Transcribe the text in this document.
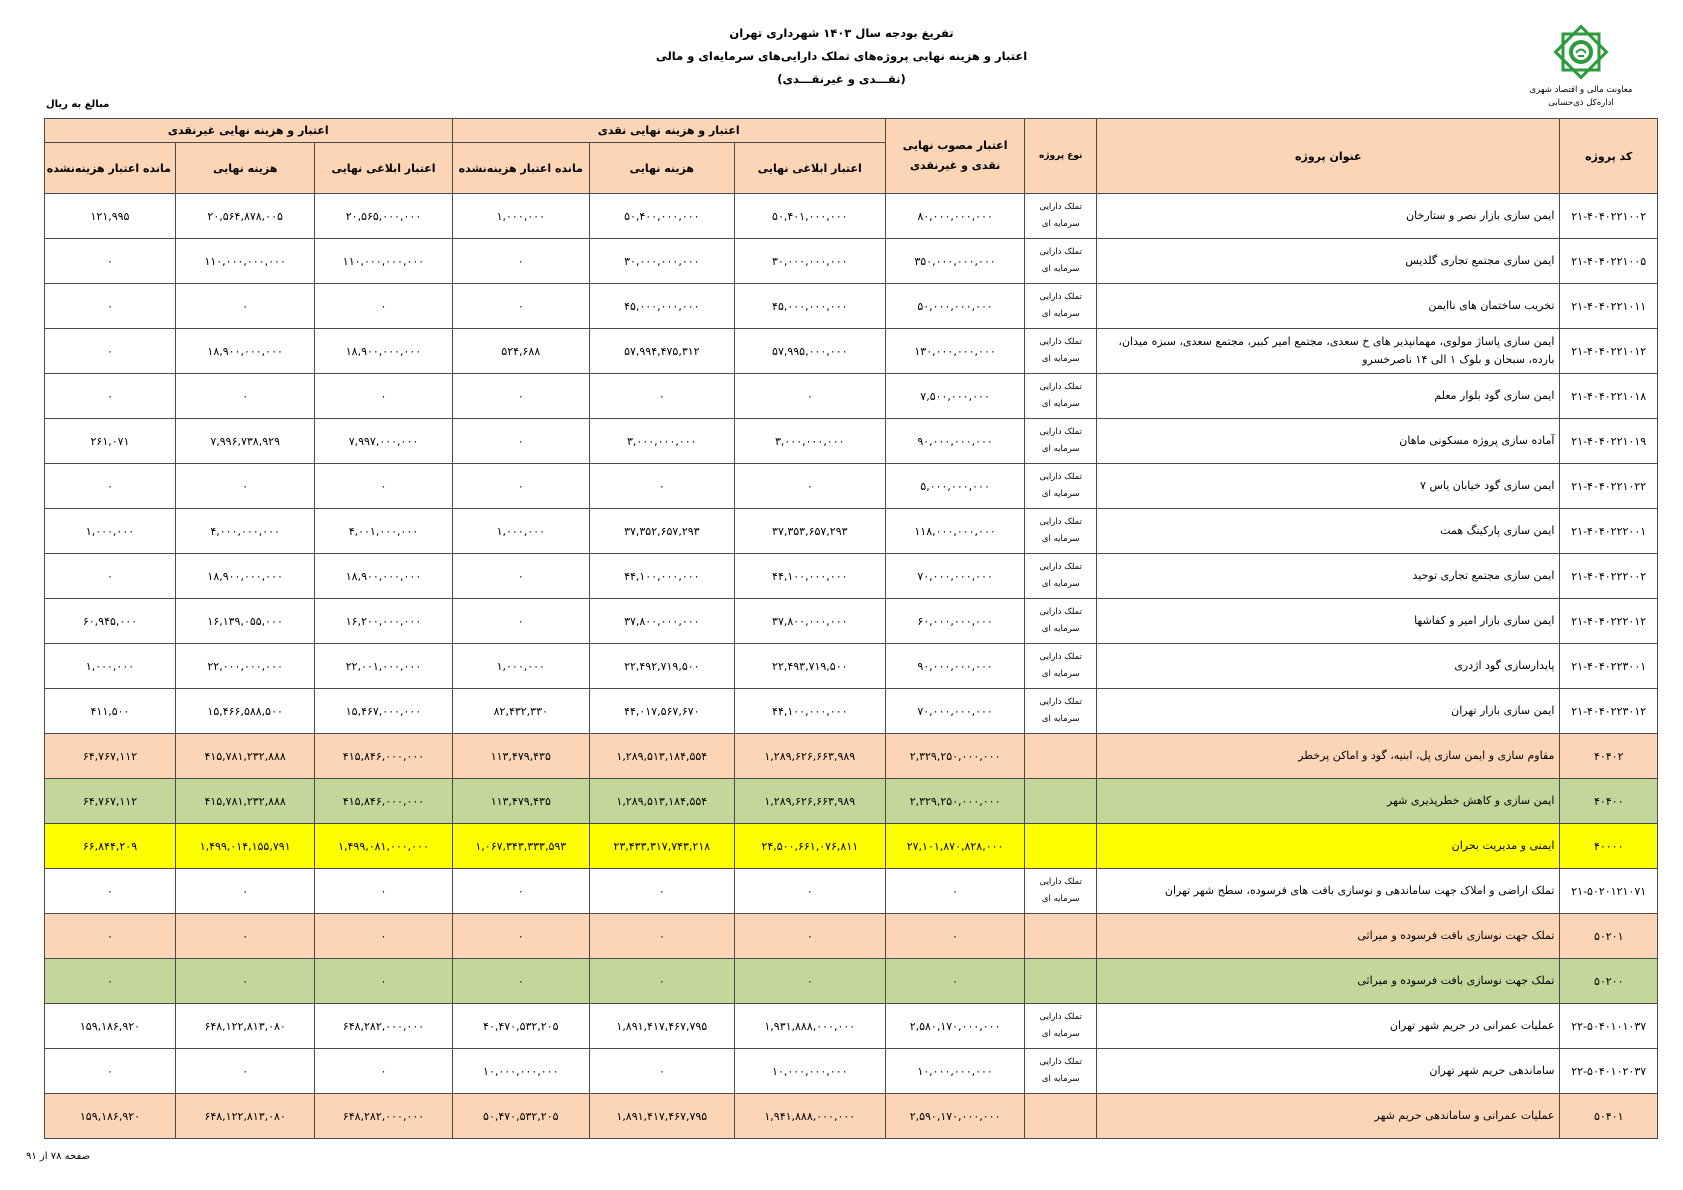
تفریغ بودجه سال ۱۴۰۳ شهرداری تهران
اعتبار و هزینه نهایی پروژه‌های تملک دارایی‌های سرمایه‌ای و مالی
(نقـــدی و غیرنقـــدی)
معاونت مالی و اقتصاد شهری
اداره‌کل ذی‌حسابی
مبالغ به ریال
کد پروژه	عنوان پروژه	نوع پروژه	اعتبار مصوب نهایی نقدی و غیرنقدی	اعتبار و هزینه نهایی نقدی			اعتبار و هزینه نهایی غیرنقدی		
				اعتبار ابلاغی نهایی	هزینه نهایی	مانده اعتبار هزینه‌نشده	اعتبار ابلاغی نهایی	هزینه نهایی	مانده اعتبار هزینه‌نشده
۲۱-۴۰۴۰۲۲۱۰۰۲	ایمن سازی بازار نصر و ستارخان	تملک دارایی سرمایه ای	۸۰,۰۰۰,۰۰۰,۰۰۰	۵۰,۴۰۱,۰۰۰,۰۰۰	۵۰,۴۰۰,۰۰۰,۰۰۰	۱,۰۰۰,۰۰۰	۲۰,۵۶۵,۰۰۰,۰۰۰	۲۰,۵۶۴,۸۷۸,۰۰۵	۱۲۱,۹۹۵
۲۱-۴۰۴۰۲۲۱۰۰۵	ایمن سازی مجتمع تجاری گلدیس	تملک دارایی سرمایه ای	۳۵۰,۰۰۰,۰۰۰,۰۰۰	۳۰,۰۰۰,۰۰۰,۰۰۰	۳۰,۰۰۰,۰۰۰,۰۰۰	۰	۱۱۰,۰۰۰,۰۰۰,۰۰۰	۱۱۰,۰۰۰,۰۰۰,۰۰۰	۰
۲۱-۴۰۴۰۲۲۱۰۱۱	تخریب ساختمان های ناایمن	تملک دارایی سرمایه ای	۵۰,۰۰۰,۰۰۰,۰۰۰	۴۵,۰۰۰,۰۰۰,۰۰۰	۴۵,۰۰۰,۰۰۰,۰۰۰	۰	۰	۰	۰
۲۱-۴۰۴۰۲۲۱۰۱۲	ایمن سازی پاساژ مولوی، مهمانپذیر های خ سعدی، مجتمع امیر کبیر، مجتمع سعدی، سبزه میدان، بارده، سبحان و بلوک ۱ الی ۱۴ ناصرخسرو	تملک دارایی سرمایه ای	۱۳۰,۰۰۰,۰۰۰,۰۰۰	۵۷,۹۹۵,۰۰۰,۰۰۰	۵۷,۹۹۴,۴۷۵,۳۱۲	۵۲۴,۶۸۸	۱۸,۹۰۰,۰۰۰,۰۰۰	۱۸,۹۰۰,۰۰۰,۰۰۰	۰
۲۱-۴۰۴۰۲۲۱۰۱۸	ایمن سازی گود بلوار معلم	تملک دارایی سرمایه ای	۷,۵۰۰,۰۰۰,۰۰۰	۰	۰	۰	۰	۰	۰
۲۱-۴۰۴۰۲۲۱۰۱۹	آماده سازی پروژه مسکونی ماهان	تملک دارایی سرمایه ای	۹۰,۰۰۰,۰۰۰,۰۰۰	۳,۰۰۰,۰۰۰,۰۰۰	۳,۰۰۰,۰۰۰,۰۰۰	۰	۷,۹۹۷,۰۰۰,۰۰۰	۷,۹۹۶,۷۳۸,۹۲۹	۲۶۱,۰۷۱
۲۱-۴۰۴۰۲۲۱۰۲۲	ایمن سازی گود خیابان یاس ۷	تملک دارایی سرمایه ای	۵,۰۰۰,۰۰۰,۰۰۰	۰	۰	۰	۰	۰	۰
۲۱-۴۰۴۰۲۲۲۰۰۱	ایمن سازی پارکینگ همت	تملک دارایی سرمایه ای	۱۱۸,۰۰۰,۰۰۰,۰۰۰	۳۷,۳۵۳,۶۵۷,۲۹۳	۳۷,۳۵۲,۶۵۷,۲۹۳	۱,۰۰۰,۰۰۰	۴,۰۰۱,۰۰۰,۰۰۰	۴,۰۰۰,۰۰۰,۰۰۰	۱,۰۰۰,۰۰۰
۲۱-۴۰۴۰۲۲۲۰۰۲	ایمن سازی مجتمع تجاری توحید	تملک دارایی سرمایه ای	۷۰,۰۰۰,۰۰۰,۰۰۰	۴۴,۱۰۰,۰۰۰,۰۰۰	۴۴,۱۰۰,۰۰۰,۰۰۰	۰	۱۸,۹۰۰,۰۰۰,۰۰۰	۱۸,۹۰۰,۰۰۰,۰۰۰	۰
۲۱-۴۰۴۰۲۲۲۰۱۲	ایمن سازی بازار امیر و کفاشها	تملک دارایی سرمایه ای	۶۰,۰۰۰,۰۰۰,۰۰۰	۳۷,۸۰۰,۰۰۰,۰۰۰	۳۷,۸۰۰,۰۰۰,۰۰۰	۰	۱۶,۲۰۰,۰۰۰,۰۰۰	۱۶,۱۳۹,۰۵۵,۰۰۰	۶۰,۹۴۵,۰۰۰
۲۱-۴۰۴۰۲۲۳۰۰۱	پایدارسازی گود اژدری	تملک دارایی سرمایه ای	۹۰,۰۰۰,۰۰۰,۰۰۰	۲۲,۴۹۳,۷۱۹,۵۰۰	۲۲,۴۹۲,۷۱۹,۵۰۰	۱,۰۰۰,۰۰۰	۲۲,۰۰۱,۰۰۰,۰۰۰	۲۲,۰۰۰,۰۰۰,۰۰۰	۱,۰۰۰,۰۰۰
۲۱-۴۰۴۰۲۲۳۰۱۲	ایمن سازی بازار تهران	تملک دارایی سرمایه ای	۷۰,۰۰۰,۰۰۰,۰۰۰	۴۴,۱۰۰,۰۰۰,۰۰۰	۴۴,۰۱۷,۵۶۷,۶۷۰	۸۲,۴۳۲,۳۳۰	۱۵,۴۶۷,۰۰۰,۰۰۰	۱۵,۴۶۶,۵۸۸,۵۰۰	۴۱۱,۵۰۰
۴۰۴۰۲	مقاوم سازی و ایمن سازی پل، ابنیه، گود و اماکن پرخطر		۲,۳۲۹,۲۵۰,۰۰۰,۰۰۰	۱,۲۸۹,۶۲۶,۶۶۳,۹۸۹	۱,۲۸۹,۵۱۳,۱۸۴,۵۵۴	۱۱۳,۴۷۹,۴۳۵	۴۱۵,۸۴۶,۰۰۰,۰۰۰	۴۱۵,۷۸۱,۲۳۲,۸۸۸	۶۴,۷۶۷,۱۱۲
۴۰۴۰۰	ایمن سازی و کاهش خطرپذیری شهر		۲,۳۲۹,۲۵۰,۰۰۰,۰۰۰	۱,۲۸۹,۶۲۶,۶۶۳,۹۸۹	۱,۲۸۹,۵۱۳,۱۸۴,۵۵۴	۱۱۳,۴۷۹,۴۳۵	۴۱۵,۸۴۶,۰۰۰,۰۰۰	۴۱۵,۷۸۱,۲۳۲,۸۸۸	۶۴,۷۶۷,۱۱۲
۴۰۰۰۰	ایمنی و مدیریت بحران		۲۷,۱۰۱,۸۷۰,۸۲۸,۰۰۰	۲۴,۵۰۰,۶۶۱,۰۷۶,۸۱۱	۲۳,۴۳۳,۳۱۷,۷۴۳,۲۱۸	۱,۰۶۷,۳۴۳,۳۳۳,۵۹۳	۱,۴۹۹,۰۸۱,۰۰۰,۰۰۰	۱,۴۹۹,۰۱۴,۱۵۵,۷۹۱	۶۶,۸۴۴,۲۰۹
۲۱-۵۰۲۰۱۲۱۰۷۱	تملک اراضی و املاک جهت ساماندهی و نوسازی بافت های فرسوده، سطح شهر تهران	تملک دارایی سرمایه ای	۰	۰	۰	۰	۰	۰	۰
۵۰۲۰۱	تملک جهت نوسازی بافت فرسوده و میراثی		۰	۰	۰	۰	۰	۰	۰
۵۰۲۰۰	تملک جهت نوسازی بافت فرسوده و میراثی		۰	۰	۰	۰	۰	۰	۰
۲۲-۵۰۴۰۱۰۱۰۳۷	عملیات عمرانی در حریم شهر تهران	تملک دارایی سرمایه ای	۲,۵۸۰,۱۷۰,۰۰۰,۰۰۰	۱,۹۳۱,۸۸۸,۰۰۰,۰۰۰	۱,۸۹۱,۴۱۷,۴۶۷,۷۹۵	۴۰,۴۷۰,۵۳۲,۲۰۵	۶۴۸,۲۸۲,۰۰۰,۰۰۰	۶۴۸,۱۲۲,۸۱۳,۰۸۰	۱۵۹,۱۸۶,۹۲۰
۲۲-۵۰۴۰۱۰۲۰۳۷	ساماندهی حریم شهر تهران	تملک دارایی سرمایه ای	۱۰,۰۰۰,۰۰۰,۰۰۰	۱۰,۰۰۰,۰۰۰,۰۰۰	۰	۱۰,۰۰۰,۰۰۰,۰۰۰	۰	۰	۰
۵۰۴۰۱	عملیات عمرانی و ساماندهی حریم شهر		۲,۵۹۰,۱۷۰,۰۰۰,۰۰۰	۱,۹۴۱,۸۸۸,۰۰۰,۰۰۰	۱,۸۹۱,۴۱۷,۴۶۷,۷۹۵	۵۰,۴۷۰,۵۳۲,۲۰۵	۶۴۸,۲۸۲,۰۰۰,۰۰۰	۶۴۸,۱۲۲,۸۱۳,۰۸۰	۱۵۹,۱۸۶,۹۲۰
صفحه ۷۸ از ۹۱
